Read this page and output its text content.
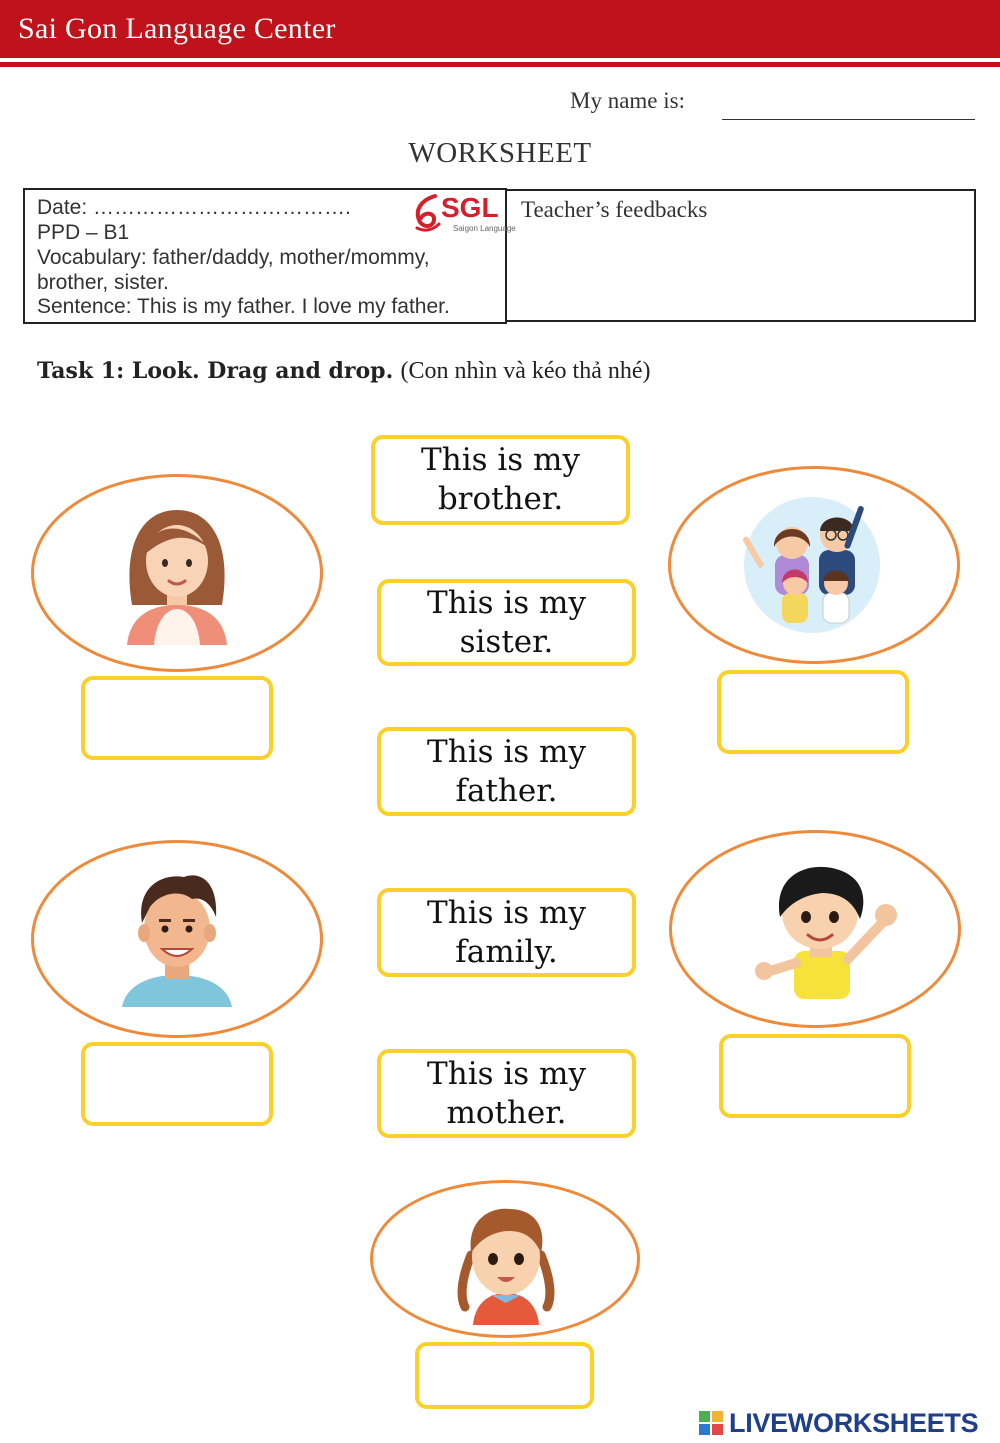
Sai Gon Language Center
My name is:
WORKSHEET
Date: ……………………………….
PPD – B1
Vocabulary: father/daddy, mother/mommy,
brother, sister.
Sentence: This is my father. I love my father.
SGL
Saigon Language
Teacher’s feedbacks
Task 1: Look. Drag and drop. (Con nhìn và kéo thả nhé)
This is my
brother.
This is my
sister.
This is my
father.
This is my
family.
This is my
mother.
LIVEWORKSHEETS
